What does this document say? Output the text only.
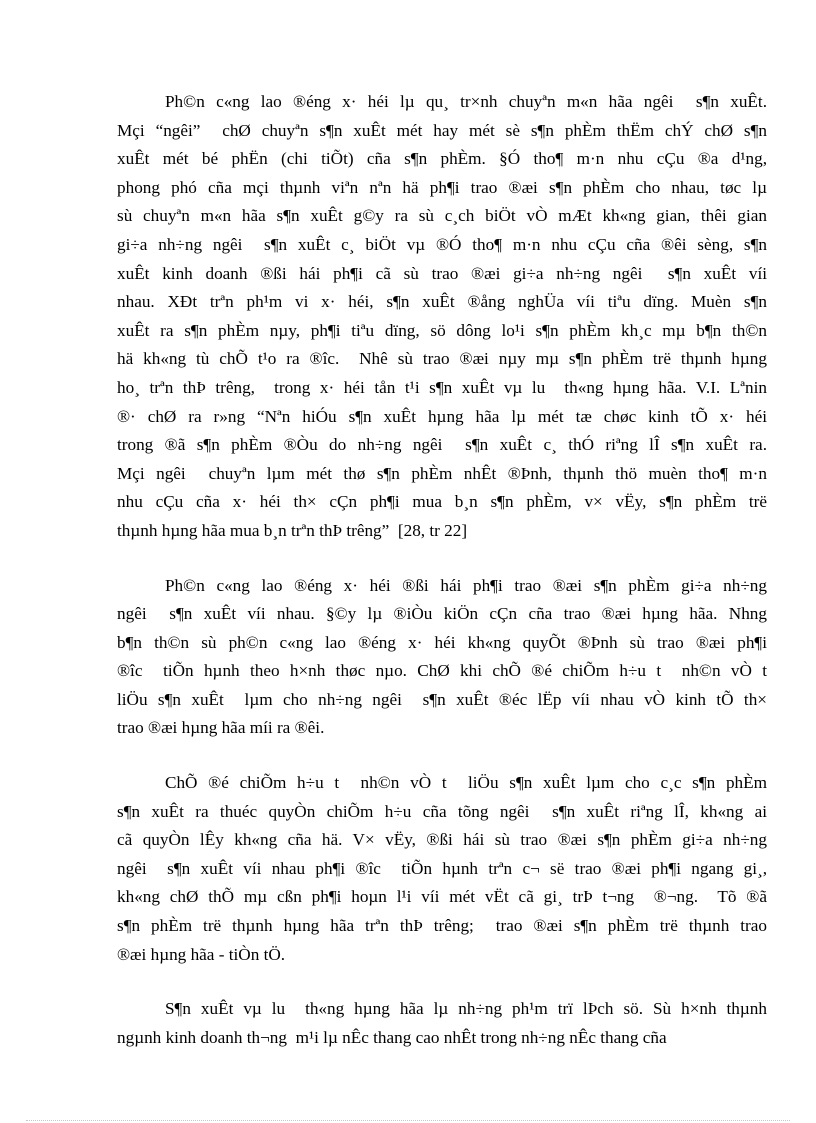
Ph©n c«ng lao ®éng x· héi lµ qu¸ tr×nh chuyªn m«n hãa ngêi  s¶n xuÊt.
Mçi “ngêi”  chØ chuyªn s¶n xuÊt mét hay mét sè s¶n phÈm thËm chÝ chØ s¶n
xuÊt mét bé phËn (chi tiÕt) cña s¶n phÈm. §Ó tho¶ m·n nhu cÇu ®a d¹ng,
phong phó cña mçi thµnh viªn nªn hä ph¶i trao ®æi s¶n phÈm cho nhau, tøc lµ
sù chuyªn m«n hãa s¶n xuÊt g©y ra sù c¸ch biÖt vÒ mÆt kh«ng gian, thêi gian
gi÷a nh÷ng ngêi  s¶n xuÊt c¸ biÖt vµ ®Ó tho¶ m·n nhu cÇu cña ®êi sèng, s¶n
xuÊt kinh doanh ®ßi hái ph¶i cã sù trao ®æi gi÷a nh÷ng ngêi  s¶n xuÊt víi
nhau. XÐt trªn ph¹m vi x· héi, s¶n xuÊt ®ång nghÜa víi tiªu dïng. Muèn s¶n
xuÊt ra s¶n phÈm nµy, ph¶i tiªu dïng, sö dông lo¹i s¶n phÈm kh¸c mµ b¶n th©n
hä kh«ng tù chÕ t¹o ra ®îc.  Nhê sù trao ®æi nµy mµ s¶n phÈm trë thµnh hµng
ho¸ trªn thÞ trêng,  trong x· héi tån t¹i s¶n xuÊt vµ lu  th«ng hµng hãa. V.I. Lªnin
®· chØ ra r»ng “Nªn hiÓu s¶n xuÊt hµng hãa lµ mét tæ chøc kinh tÕ x· héi
trong ®ã s¶n phÈm ®Òu do nh÷ng ngêi  s¶n xuÊt c¸ thÓ riªng lÎ s¶n xuÊt ra.
Mçi ngêi  chuyªn lµm mét thø s¶n phÈm nhÊt ®Þnh, thµnh thö muèn tho¶ m·n
nhu cÇu cña x· héi th× cÇn ph¶i mua b¸n s¶n phÈm, v× vËy, s¶n phÈm trë
thµnh hµng hãa mua b¸n trªn thÞ trêng”  [28, tr 22]
Ph©n c«ng lao ®éng x· héi ®ßi hái ph¶i trao ®æi s¶n phÈm gi÷a nh÷ng
ngêi  s¶n xuÊt víi nhau. §©y lµ ®iÒu kiÖn cÇn cña trao ®æi hµng hãa. Nhng
b¶n th©n sù ph©n c«ng lao ®éng x· héi kh«ng quyÕt ®Þnh sù trao ®æi ph¶i
®îc  tiÕn hµnh theo h×nh thøc nµo. ChØ khi chÕ ®é chiÕm h÷u t  nh©n vÒ t
liÖu s¶n xuÊt  lµm cho nh÷ng ngêi  s¶n xuÊt ®éc lËp víi nhau vÒ kinh tÕ th×
trao ®æi hµng hãa míi ra ®êi.
ChÕ ®é chiÕm h÷u t  nh©n vÒ t  liÖu s¶n xuÊt lµm cho c¸c s¶n phÈm
s¶n xuÊt ra thuéc quyÒn chiÕm h÷u cña tõng ngêi  s¶n xuÊt riªng lÎ, kh«ng ai
cã quyÒn lÊy kh«ng cña hä. V× vËy, ®ßi hái sù trao ®æi s¶n phÈm gi÷a nh÷ng
ngêi  s¶n xuÊt víi nhau ph¶i ®îc  tiÕn hµnh trªn c¬ së trao ®æi ph¶i ngang gi¸,
kh«ng chØ thÕ mµ cßn ph¶i hoµn l¹i víi mét vËt cã gi¸ trÞ t¬ng  ®¬ng.  Tõ ®ã
s¶n phÈm trë thµnh hµng hãa trªn thÞ trêng;  trao ®æi s¶n phÈm trë thµnh trao
®æi hµng hãa - tiÒn tÖ.
S¶n xuÊt vµ lu  th«ng hµng hãa lµ nh÷ng ph¹m trï lÞch sö. Sù h×nh thµnh
ngµnh kinh doanh th¬ng  m¹i lµ nÊc thang cao nhÊt trong nh÷ng nÊc thang cña
